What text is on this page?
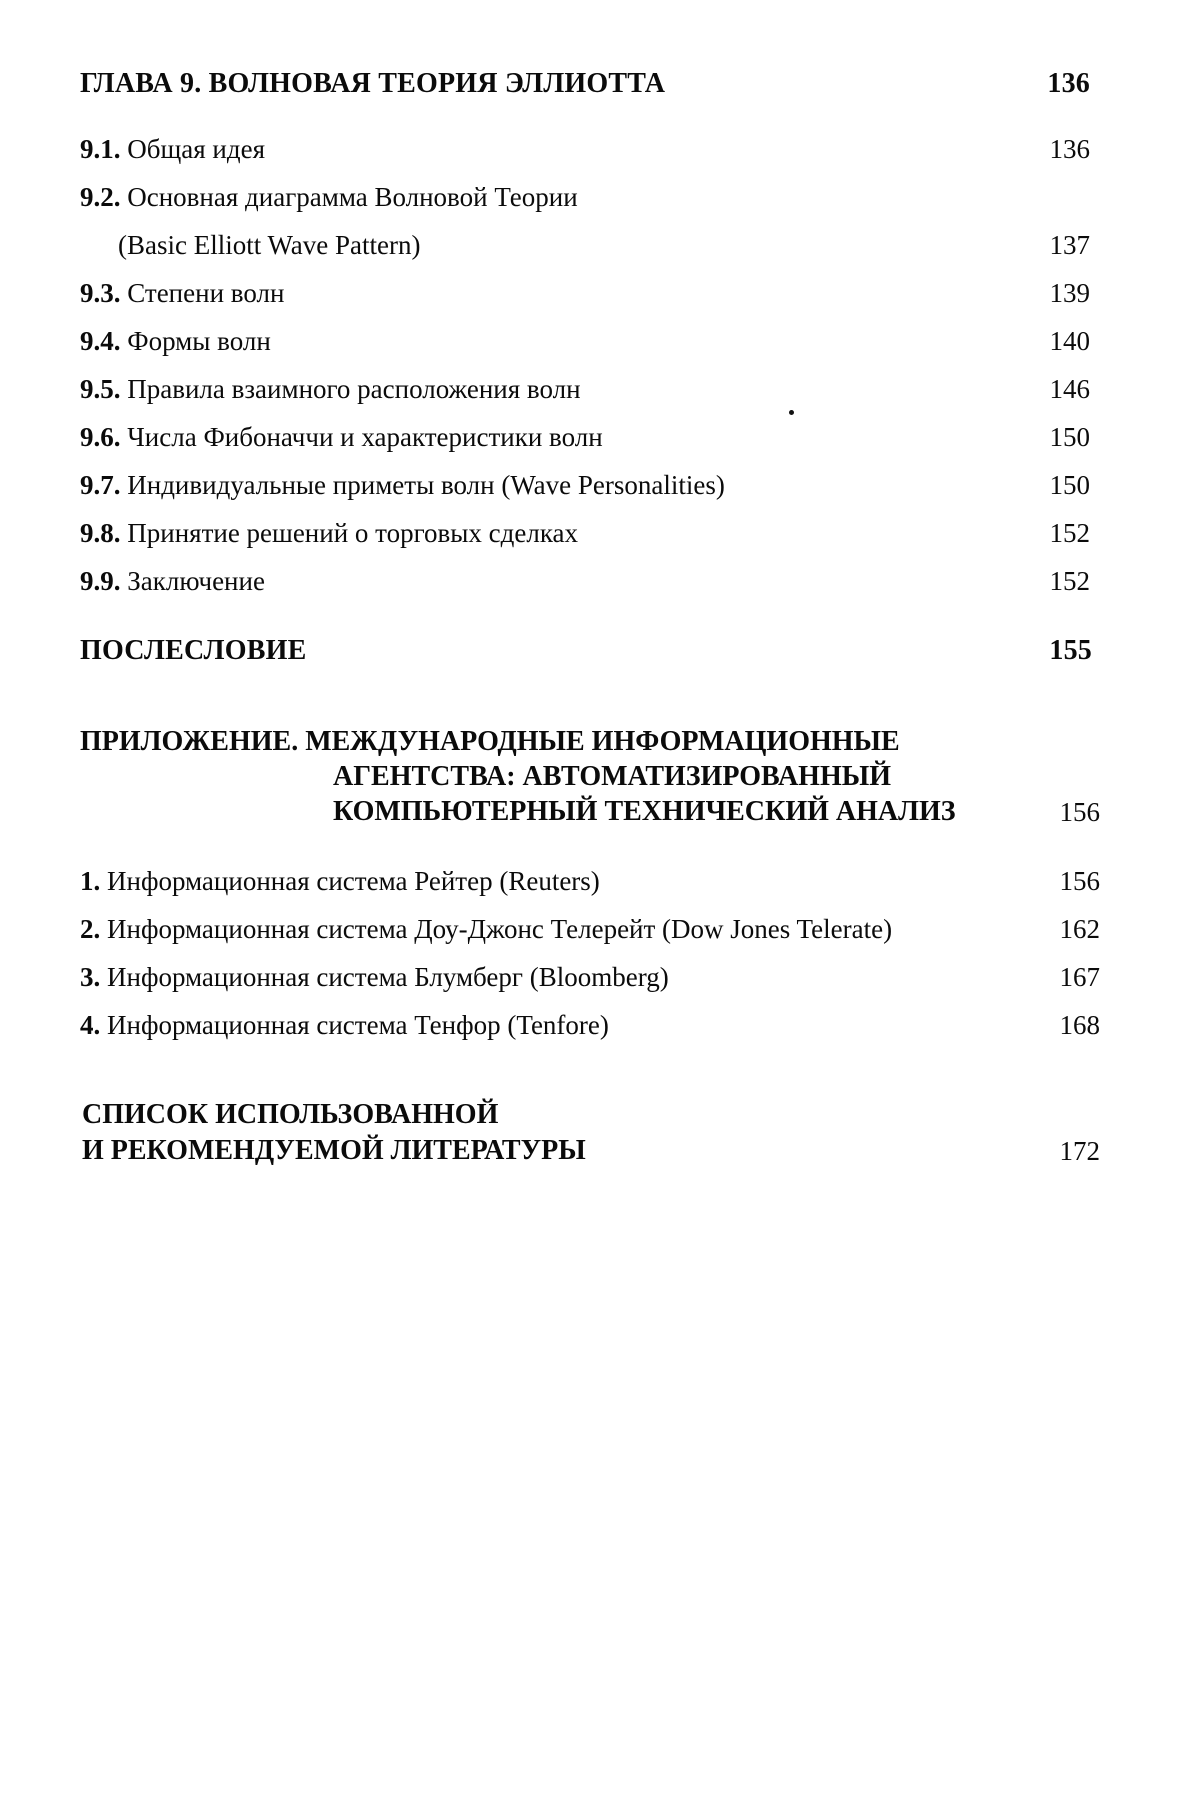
ГЛАВА 9. ВОЛНОВАЯ ТЕОРИЯ ЭЛЛИОТТА	136
9.1. Общая идея	136
9.2. Основная диаграмма Волновой Теории
(Basic Elliott Wave Pattern)	137
9.3. Степени волн	139
9.4. Формы волн	140
9.5. Правила взаимного расположения волн	146
9.6. Числа Фибоначчи и характеристики волн	150
9.7. Индивидуальные приметы волн (Wave Personalities)	150
9.8. Принятие решений о торговых сделках	152
9.9. Заключение	152
ПОСЛЕСЛОВИЕ	155
ПРИЛОЖЕНИЕ. МЕЖДУНАРОДНЫЕ ИНФОРМАЦИОННЫЕ
АГЕНТСТВА: АВТОМАТИЗИРОВАННЫЙ
КОМПЬЮТЕРНЫЙ ТЕХНИЧЕСКИЙ АНАЛИЗ	156
1. Информационная система Рейтер (Reuters)	156
2. Информационная система Доу-Джонс Телерейт (Dow Jones Telerate)	162
3. Информационная система Блумберг (Bloomberg)	167
4. Информационная система Тенфор (Tenfore)	168
СПИСОК ИСПОЛЬЗОВАННОЙ
И РЕКОМЕНДУЕМОЙ ЛИТЕРАТУРЫ	172
